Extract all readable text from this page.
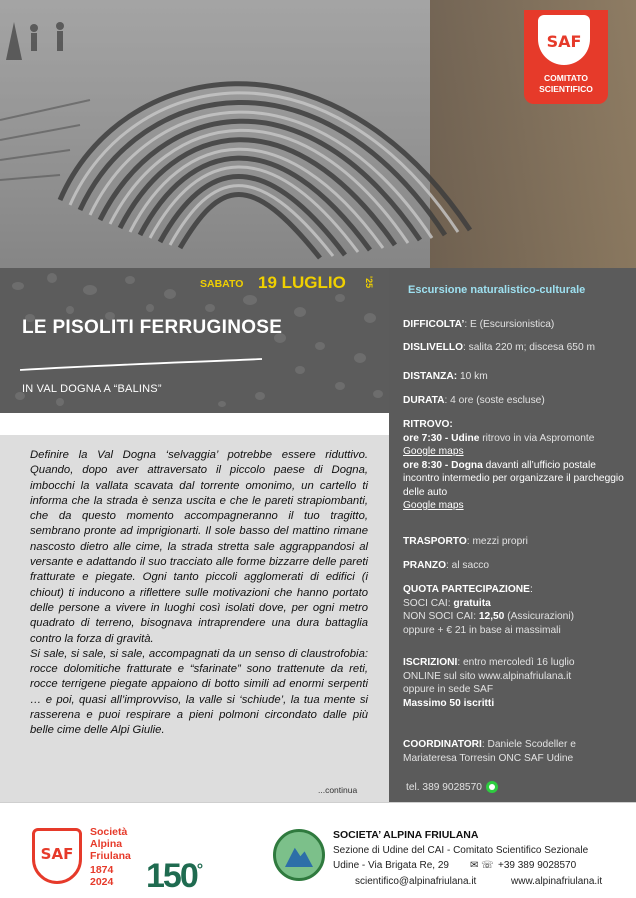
SAF
COMITATO
SCIENTIFICO
SABATO 19 LUGLIO '25
LE PISOLITI FERRUGINOSE
IN VAL DOGNA A “BALINS”

Definire la Val Dogna ‘selvaggia’ potrebbe essere riduttivo. Quando, dopo aver attraversato il piccolo paese di Dogna, imbocchi la vallata scavata dal torrente omonimo, un cartello ti informa che la strada è senza uscita e che le pareti strapiombanti, che da questo momento accompagneranno il tuo tragitto, sembrano pronte ad imprigionarti. Il sole basso del mattino rimane nascosto dietro alle cime, la strada stretta sale aggrappandosi al versante e adattando il suo tracciato alle forme bizzarre delle pareti fratturate e piegate. Ogni tanto piccoli agglomerati di edifici (i chiout) ti inducono a riflettere sulle motivazioni che hanno portato delle persone a vivere in luoghi così isolati dove, per ogni metro quadrato di terreno, bisognava intraprendere una dura battaglia contro la forza di gravità.

Si sale, si sale, si sale, accompagnati da un senso di claustrofobia: rocce dolomitiche fratturate e “sfarinate” sono trattenute da reti, rocce terrigene piegate appaiono di botto simili ad enormi serpenti … e poi, quasi all’improvviso, la valle si ‘schiude’, la tua mente si rasserena e puoi respirare a pieni polmoni circondato dalle più belle cime delle Alpi Giulie.

...continua
Escursione naturalistico-culturale
DIFFICOLTA’: E (Escursionistica)
DISLIVELLO: salita 220 m; discesa 650 m
DISTANZA: 10 km
DURATA: 4 ore (soste escluse)
RITROVO:
ore 7:30 - Udine ritrovo in via Aspromonte Google maps
ore 8:30 - Dogna davanti all’ufficio postale incontro intermedio per organizzare il parcheggio delle auto
Google maps
TRASPORTO: mezzi propri
PRANZO: al sacco
QUOTA PARTECIPAZIONE:
SOCI CAI: gratuita
NON SOCI CAI: 12,50 (Assicurazioni)
oppure + € 21 in base ai massimali
ISCRIZIONI: entro mercoledì 16 luglio
ONLINE sul sito www.alpinafriulana.it
oppure in sede SAF
Massimo 50 iscritti
COORDINATORI: Daniele Scodeller e Mariateresa Torresin ONC SAF Udine
tel. 389 9028570
SAF
Società
Alpina
Friulana
1874
2024 150°
SOCIETA’ ALPINA FRIULANA
Sezione di Udine del CAI - Comitato Scientifico Sezionale
Udine - Via Brigata Re, 29 ✉ ☏ +39 389 9028570
scientifico@alpinafriulana.it	www.alpinafriulana.it
